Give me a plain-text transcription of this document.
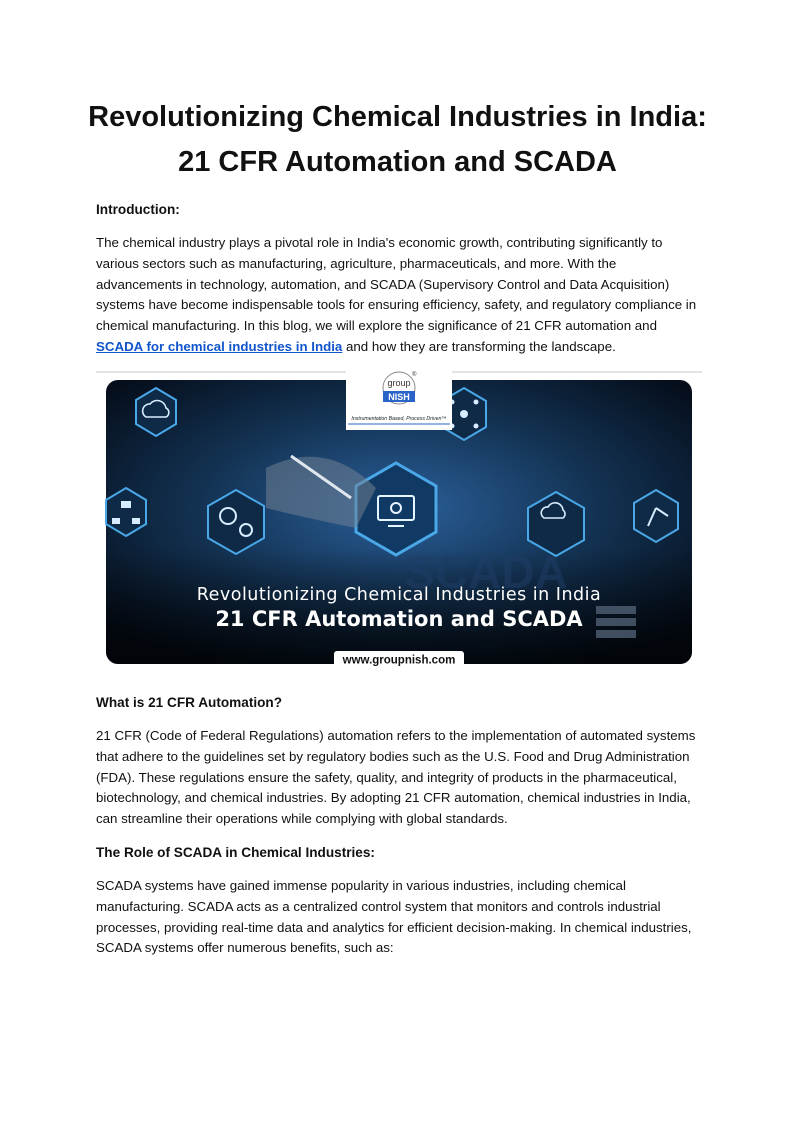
Revolutionizing Chemical Industries in India:
21 CFR Automation and SCADA
Introduction:
The chemical industry plays a pivotal role in India's economic growth, contributing significantly to various sectors such as manufacturing, agriculture, pharmaceuticals, and more. With the advancements in technology, automation, and SCADA (Supervisory Control and Data Acquisition) systems have become indispensable tools for ensuring efficiency, safety, and regulatory compliance in chemical manufacturing. In this blog, we will explore the significance of 21 CFR automation and SCADA for chemical industries in India and how they are transforming the landscape.
group
NISH
®
Instrumentation Based, Process Driven™
SCADA
Revolutionizing Chemical Industries in India
21 CFR Automation and SCADA
www.groupnish.com
What is 21 CFR Automation?
21 CFR (Code of Federal Regulations) automation refers to the implementation of automated systems that adhere to the guidelines set by regulatory bodies such as the U.S. Food and Drug Administration (FDA). These regulations ensure the safety, quality, and integrity of products in the pharmaceutical, biotechnology, and chemical industries. By adopting 21 CFR automation, chemical industries in India, can streamline their operations while complying with global standards.
The Role of SCADA in Chemical Industries:
SCADA systems have gained immense popularity in various industries, including chemical manufacturing. SCADA acts as a centralized control system that monitors and controls industrial processes, providing real-time data and analytics for efficient decision-making. In chemical industries, SCADA systems offer numerous benefits, such as:
